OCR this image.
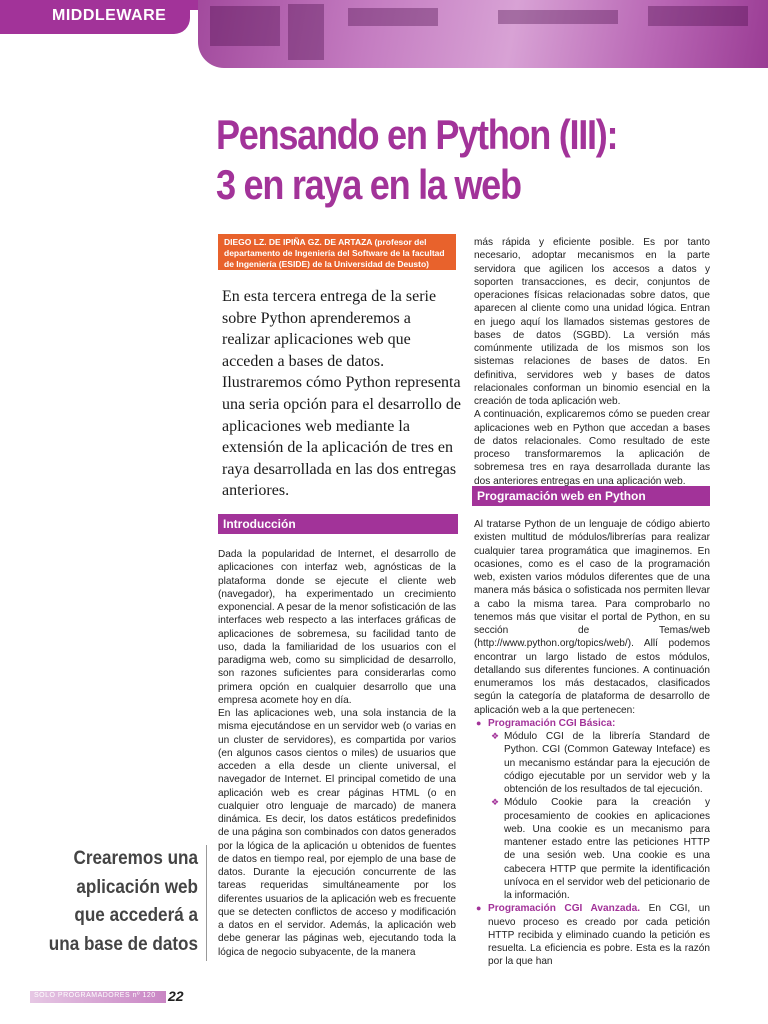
MIDDLEWARE
Pensando en Python (III):
3 en raya en la web
DIEGO LZ. DE IPIÑA GZ. DE ARTAZA (profesor del departamento de Ingeniería del Software de la facultad de Ingeniería (ESIDE) de la Universidad de Deusto)
En esta tercera entrega de la serie sobre Python aprenderemos a realizar aplicaciones web que acceden a bases de datos. Ilustraremos cómo Python representa una seria opción para el desarrollo de aplicaciones web mediante la extensión de la aplicación de tres en raya desarrollada en las dos entregas anteriores.
Introducción

Dada la popularidad de Internet, el desarrollo de aplicaciones con interfaz web, agnósticas de la plataforma donde se ejecute el cliente web (navegador), ha experimentado un crecimiento exponencial. A pesar de la menor sofisticación de las interfaces web respecto a las interfaces gráficas de aplicaciones de sobremesa, su facilidad tanto de uso, dada la familiaridad de los usuarios con el paradigma web, como su simplicidad de desarrollo, son razones suficientes para considerarlas como primera opción en cualquier desarrollo que una empresa acomete hoy en día.

En las aplicaciones web, una sola instancia de la misma ejecutándose en un servidor web (o varias en un cluster de servidores), es compartida por varios (en algunos casos cientos o miles) de usuarios que acceden a ella desde un cliente universal, el navegador de Internet. El principal cometido de una aplicación web es crear páginas HTML (o en cualquier otro lenguaje de marcado) de manera dinámica. Es decir, los datos estáticos predefinidos de una página son combinados con datos generados por la lógica de la aplicación u obtenidos de fuentes de datos en tiempo real, por ejemplo de una base de datos. Durante la ejecución concurrente de las tareas requeridas simultáneamente por los diferentes usuarios de la aplicación web es frecuente que se detecten conflictos de acceso y modificación a datos en el servidor. Además, la aplicación web debe generar las páginas web, ejecutando toda la lógica de negocio subyacente, de la manera

más rápida y eficiente posible. Es por tanto necesario, adoptar mecanismos en la parte servidora que agilicen los accesos a datos y soporten transacciones, es decir, conjuntos de operaciones físicas relacionadas sobre datos, que aparecen al cliente como una unidad lógica. Entran en juego aquí los llamados sistemas gestores de bases de datos (SGBD). La versión más comúnmente utilizada de los mismos son los sistemas relaciones de bases de datos. En definitiva, servidores web y bases de datos relacionales conforman un binomio esencial en la creación de toda aplicación web.

A continuación, explicaremos cómo se pueden crear aplicaciones web en Python que accedan a bases de datos relacionales. Como resultado de este proceso transformaremos la aplicación de sobremesa tres en raya desarrollada durante las dos anteriores entregas en una aplicación web.

Programación web en Python

Al tratarse Python de un lenguaje de código abierto existen multitud de módulos/librerías para realizar cualquier tarea programática que imaginemos. En ocasiones, como es el caso de la programación web, existen varios módulos diferentes que de una manera más básica o sofisticada nos permiten llevar a cabo la misma tarea. Para comprobarlo no tenemos más que visitar el portal de Python, en su sección de Temas/web (http://www.python.org/topics/web/). Allí podemos encontrar un largo listado de estos módulos, detallando sus diferentes funciones. A continuación enumeramos los más destacados, clasificados según la categoría de plataforma de desarrollo de aplicación web a la que pertenecen:

● Programación CGI Básica:

❖ Módulo CGI de la librería Standard de Python. CGI (Common Gateway Inteface) es un mecanismo estándar para la ejecución de código ejecutable por un servidor web y la obtención de los resultados de tal ejecución.

❖ Módulo Cookie para la creación y procesamiento de cookies en aplicaciones web. Una cookie es un mecanismo para mantener estado entre las peticiones HTTP de una sesión web. Una cookie es una cabecera HTTP que permite la identificación unívoca en el servidor web del peticionario de la información.

● Programación CGI Avanzada. En CGI, un nuevo proceso es creado por cada petición HTTP recibida y eliminado cuando la petición es resuelta. La eficiencia es pobre. Esta es la razón por la que han

Crearemos una
aplicación web
que accederá a
una base de datos
SOLO PROGRAMADORES nº 120 22
